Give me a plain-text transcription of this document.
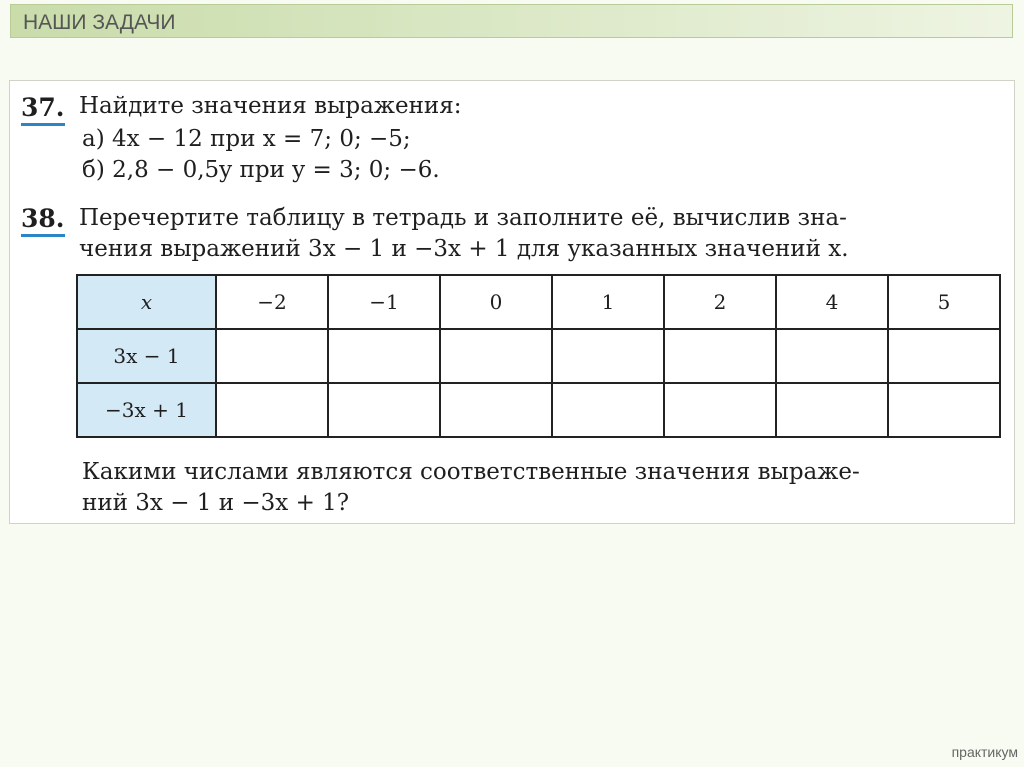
НАШИ ЗАДАЧИ
37. Найдите значения выражения:
а) 4x − 12 при x = 7; 0; −5;
б) 2,8 − 0,5y при y = 3; 0; −6.
38. Перечертите таблицу в тетрадь и заполните её, вычислив зна-
чения выражений 3x − 1 и −3x + 1 для указанных значений x.
x	−2	−1	0	1	2	4	5
3x − 1							
−3x + 1							
Какими числами являются соответственные значения выраже-
ний 3x − 1 и −3x + 1?
практикум
